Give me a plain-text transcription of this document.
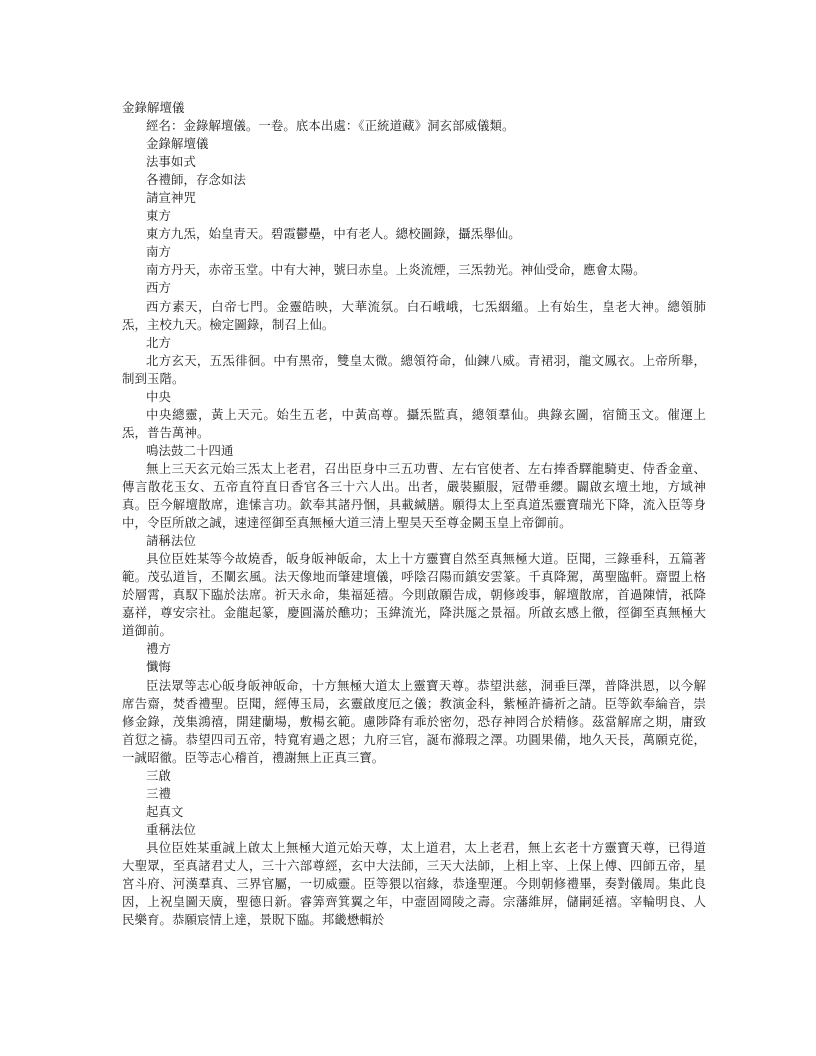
金錄解壇儀
經名：金錄解壇儀。一卷。底本出處：《正統道藏》洞玄部威儀類。
金錄解壇儀
法事如式
各禮師，存念如法
請宣神咒
東方
東方九炁，始皇青天。碧霞鬱壘，中有老人。總校圖錄，攝炁舉仙。
南方
南方丹天，赤帝玉堂。中有大神，號曰赤皇。上炎流煙，三炁勃光。神仙受命，應會太陽。
西方
西方素天，白帝七門。金靈皓映，大華流氛。白石峨峨，七炁絪縕。上有始生，皇老大神。總領肺炁，主校九天。檢定圖錄，制召上仙。
北方
北方玄天，五炁徘徊。中有黑帝，雙皇太微。總領符命，仙鍊八威。青裙羽，龍文鳳衣。上帝所舉，制到玉階。
中央
中央總靈，黃上天元。始生五老，中黃高尊。攝炁監真，總領羣仙。典錄玄圖，宿簡玉文。催運上炁，普告萬神。
鳴法鼓二十四通
無上三天玄元始三炁太上老君，召出臣身中三五功曹、左右官使者、左右捧香驛龍騎吏、侍香金童、傳言散花玉女、五帝直符直日香官各三十六人出。出者，嚴裝顯服，冠帶垂纓。闢啟玄壇土地，方域神真。臣今解壇散席，進愫言功。欽奉其諸丹悃，具載緘膳。願得太上至真道炁靈寶瑞光下降，流入臣等身中，令臣所啟之誠，速達徑御至真無極大道三清上聖昊天至尊金闕玉皇上帝御前。
請稱法位
具位臣姓某等今故燒香，皈身皈神皈命，太上十方靈寶自然至真無極大道。臣聞，三錄垂科，五篇著範。茂弘道旨，丕闡玄風。法天像地而肇建壇儀，呼陰召陽而鎮安雲篆。千真降駕，萬聖臨軒。齋盟上格於層霄，真馭下臨於法席。祈天永命，集福延禧。今則啟願告成，朝修竣事，解壇散席，首過陳情，祇降嘉祥，尊安宗社。金龍起篆，慶圓滿於醮功；玉緯流光，降洪厖之景福。所啟玄感上徹，徑御至真無極大道御前。
禮方
懺悔
臣法眾等志心皈身皈神皈命，十方無極大道太上靈寶天尊。恭望洪慈，洞垂巨澤，普降洪恩，以今解席告齋，焚香禮聖。臣聞，經傳玉局，玄靈啟度厄之儀；教演金科，紫極許禱祈之請。臣等欽奉綸音，崇修金錄，茂集鴻禧，開建蘭場，敷楊玄範。慮陟降有乖於密勿，恐存神罔合於精修。茲當解席之期，庸致首愆之禱。恭望四司五帝，特寬宥過之恩；九府三官，誕布滌瑕之澤。功圓果備，地久天長，萬願克從，一誠昭徹。臣等志心稽首，禮謝無上正真三寶。
三啟
三禮
起真文
重稱法位
具位臣姓某重誠上啟太上無極大道元始天尊，太上道君，太上老君，無上玄老十方靈寶天尊，已得道大聖眾，至真諸君丈人，三十六部尊經，玄中大法師，三天大法師，上相上宰、上保上傅、四師五帝，星宮斗府、河漢羣真、三界官屬，一切威靈。臣等猥以宿緣，恭逢聖運。今則朝修禮畢，奏對儀周。集此良因，上祝皇圖天廣，聖德日新。睿筭齊箕翼之年，中壼固岡陵之壽。宗藩維屏，儲嗣延禧。宰輪明良、人民樂育。恭願宸情上達，景貺下臨。邦畿懋輯於
